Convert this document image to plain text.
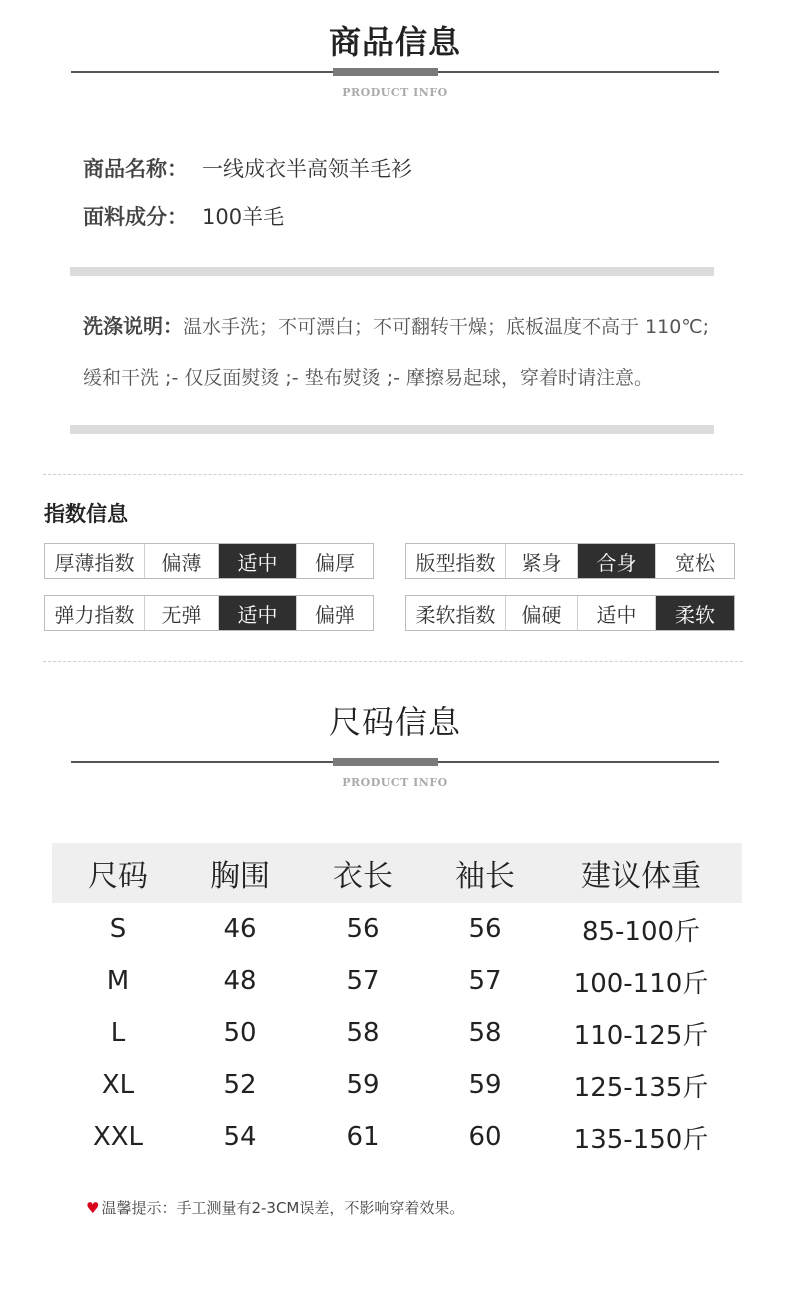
商品信息
PRODUCT INFO
商品名称： 一线成衣半高领羊毛衫
面料成分： 100羊毛
洗涤说明：温水手洗；不可漂白；不可翻转干燥；底板温度不高于 110℃;
缓和干洗 ;- 仅反面熨烫 ;- 垫布熨烫 ;- 摩擦易起球，穿着时请注意。
指数信息
厚薄指数	偏薄	适中	偏厚	版型指数	紧身	合身	宽松
弹力指数	无弹	适中	偏弹	柔软指数	偏硬	适中	柔软
尺码信息
PRODUCT INFO
尺码	胸围	衣长	袖长	建议体重
S	46	56	56	85-100斤
M	48	57	57	100-110斤
L	50	58	58	110-125斤
XL	52	59	59	125-135斤
XXL	54	61	60	135-150斤
♥ 温馨提示：手工测量有2-3CM误差，不影响穿着效果。
